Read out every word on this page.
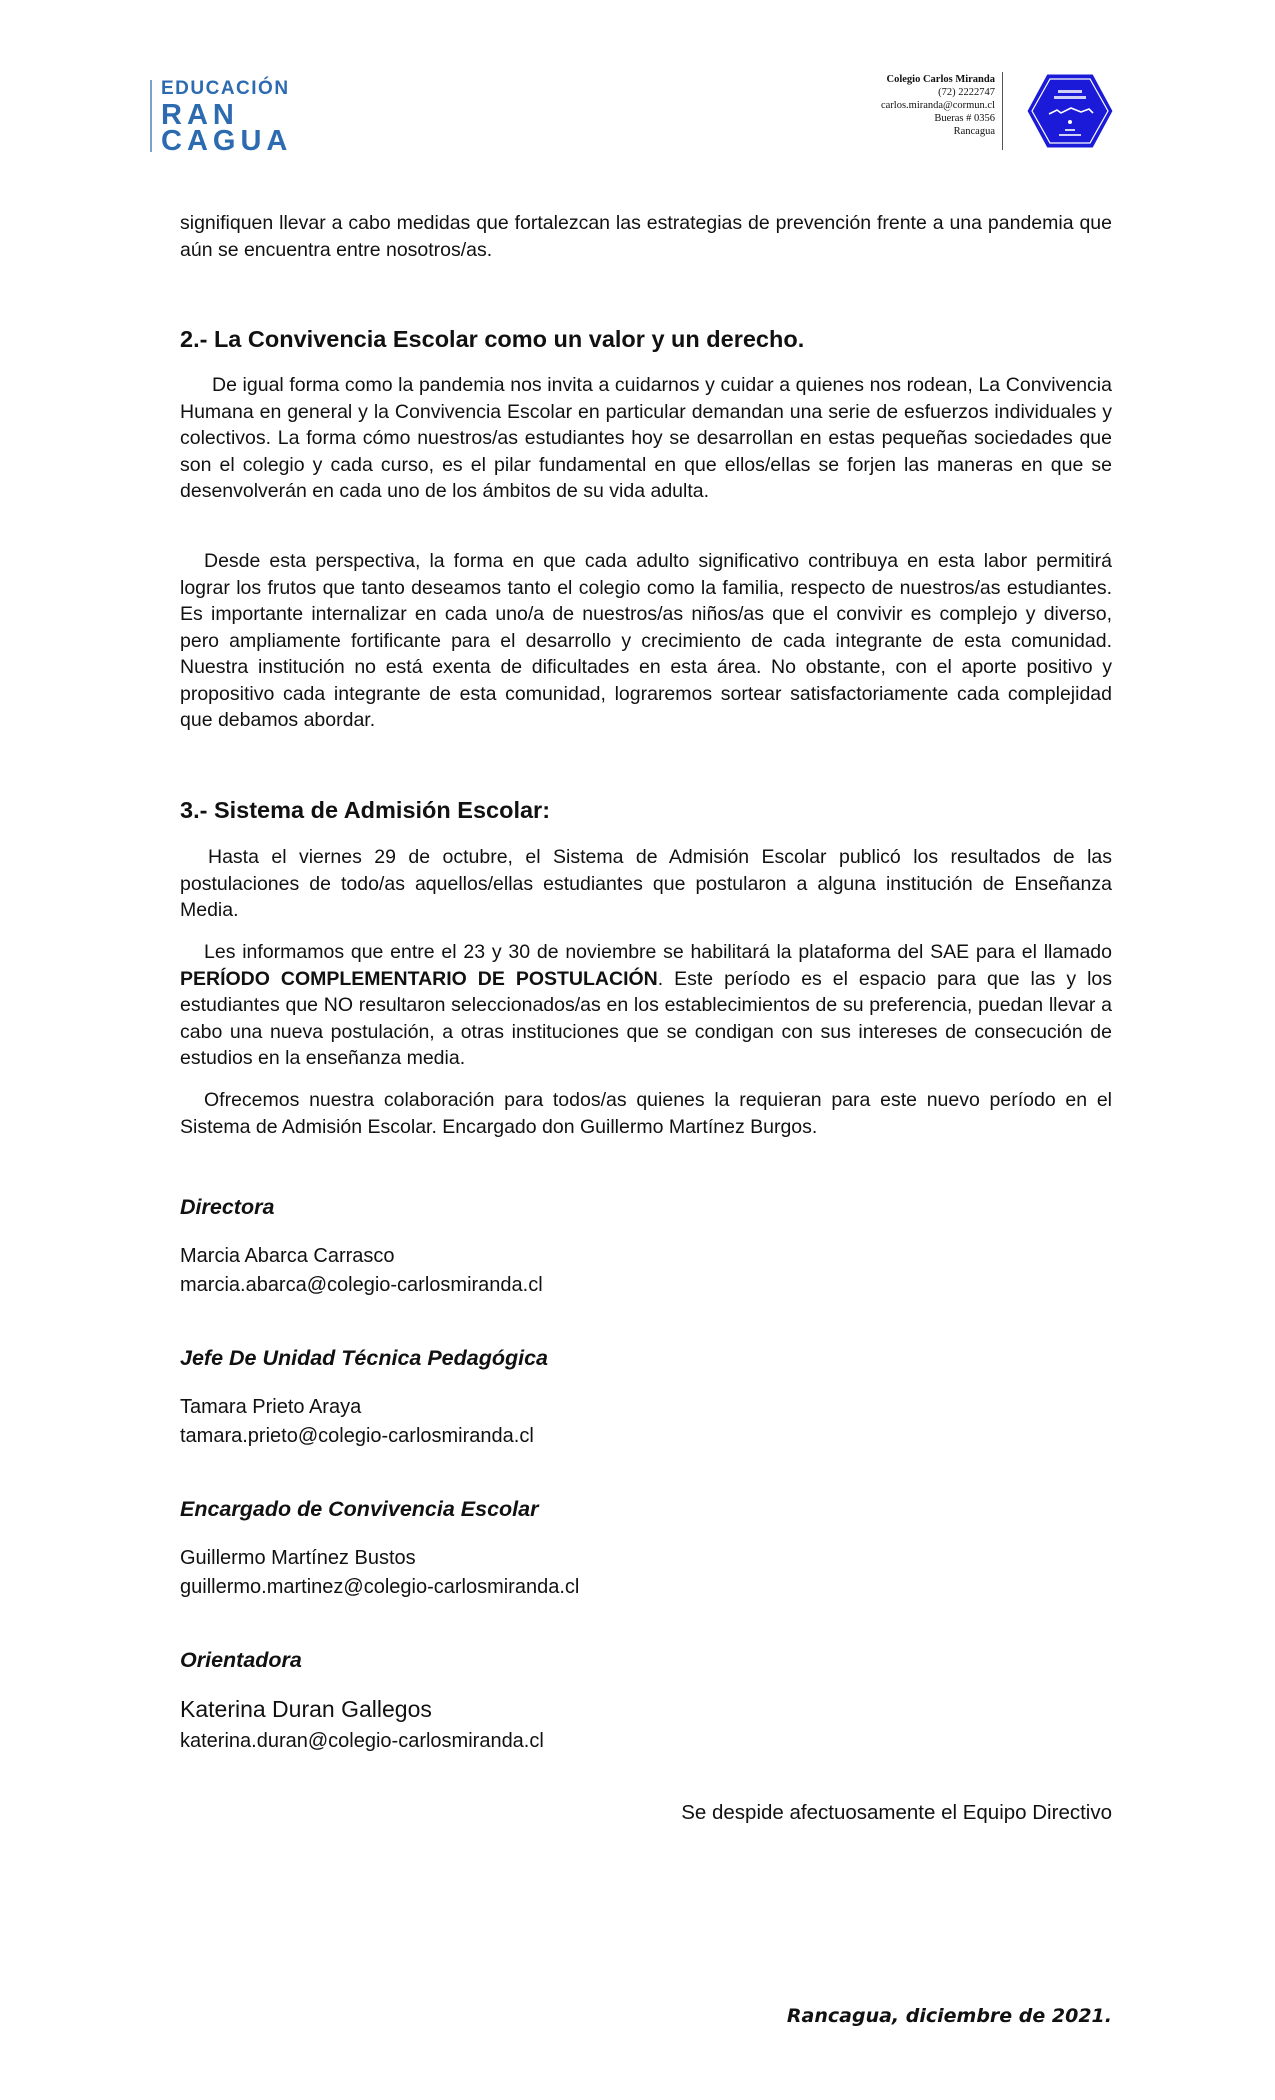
EDUCACIÓN
RAN
CAGUA
Colegio Carlos Miranda
(72) 2222747
carlos.miranda@cormun.cl
Bueras # 0356
Rancagua
signifiquen llevar a cabo medidas que fortalezcan las estrategias de prevención frente a una pandemia que aún se encuentra entre nosotros/as.
2.- La Convivencia Escolar como un valor y un derecho.
De igual forma como la pandemia nos invita a cuidarnos y cuidar a quienes nos rodean, La Convivencia Humana en general y la Convivencia Escolar en particular demandan una serie de esfuerzos individuales y colectivos. La forma cómo nuestros/as estudiantes hoy se desarrollan en estas pequeñas sociedades que son el colegio y cada curso, es el pilar fundamental en que ellos/ellas se forjen las maneras en que se desenvolverán en cada uno de los ámbitos de su vida adulta.
Desde esta perspectiva, la forma en que cada adulto significativo contribuya en esta labor permitirá lograr los frutos que tanto deseamos tanto el colegio como la familia, respecto de nuestros/as estudiantes. Es importante internalizar en cada uno/a de nuestros/as niños/as que el convivir es complejo y diverso, pero ampliamente fortificante para el desarrollo y crecimiento de cada integrante de esta comunidad. Nuestra institución no está exenta de dificultades en esta área. No obstante, con el aporte positivo y propositivo cada integrante de esta comunidad, lograremos sortear satisfactoriamente cada complejidad que debamos abordar.
3.- Sistema de Admisión Escolar:
Hasta el viernes 29 de octubre, el Sistema de Admisión Escolar publicó los resultados de las postulaciones de todo/as aquellos/ellas estudiantes que postularon a alguna institución de Enseñanza Media.
Les informamos que entre el 23 y 30 de noviembre se habilitará la plataforma del SAE para el llamado PERÍODO COMPLEMENTARIO DE POSTULACIÓN. Este período es el espacio para que las y los estudiantes que NO resultaron seleccionados/as en los establecimientos de su preferencia, puedan llevar a cabo una nueva postulación, a otras instituciones que se condigan con sus intereses de consecución de estudios en la enseñanza media.
Ofrecemos nuestra colaboración para todos/as quienes la requieran para este nuevo período en el Sistema de Admisión Escolar. Encargado don Guillermo Martínez Burgos.
Directora
Marcia Abarca Carrasco
marcia.abarca@colegio-carlosmiranda.cl
Jefe De Unidad Técnica Pedagógica
Tamara Prieto Araya
tamara.prieto@colegio-carlosmiranda.cl
Encargado de Convivencia Escolar
Guillermo Martínez Bustos
guillermo.martinez@colegio-carlosmiranda.cl
Orientadora
Katerina Duran Gallegos
katerina.duran@colegio-carlosmiranda.cl
Se despide afectuosamente el Equipo Directivo
Rancagua, diciembre de 2021.
